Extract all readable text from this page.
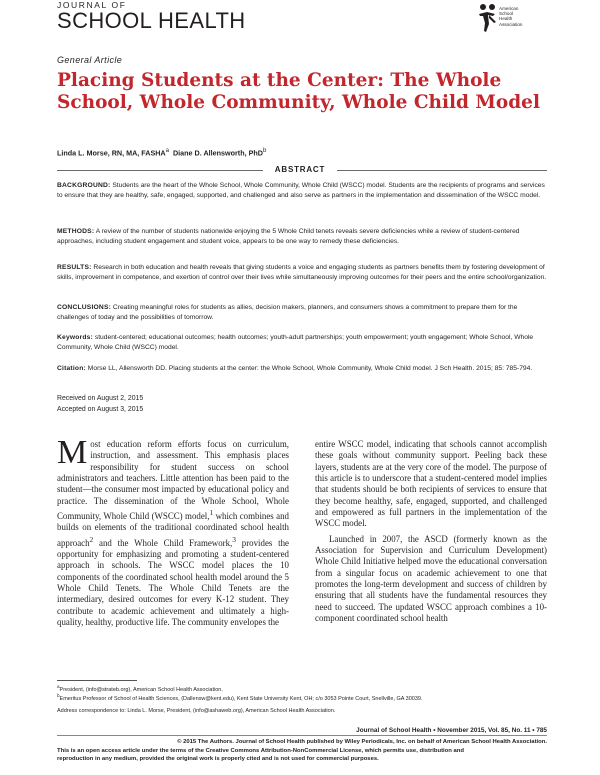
JOURNAL OF
SCHOOL HEALTH	American
School
Health
Association
General Article
Placing Students at the Center: The Whole School, Whole Community, Whole Child Model
Linda L. Morse, RN, MA, FASHA$^a$ Diane D. Allensworth, PhD$^b$
ABSTRACT
BACKGROUND: Students are the heart of the Whole School, Whole Community, Whole Child (WSCC) model. Students are the recipients of programs and services to ensure that they are healthy, safe, engaged, supported, and challenged and also serve as partners in the implementation and dissemination of the WSCC model.
METHODS: A review of the number of students nationwide enjoying the 5 Whole Child tenets reveals severe deficiencies while a review of student-centered approaches, including student engagement and student voice, appears to be one way to remedy these deficiencies.
RESULTS: Research in both education and health reveals that giving students a voice and engaging students as partners benefits them by fostering development of skills, improvement in competence, and exertion of control over their lives while simultaneously improving outcomes for their peers and the entire school/organization.
CONCLUSIONS: Creating meaningful roles for students as allies, decision makers, planners, and consumers shows a commitment to prepare them for the challenges of today and the possibilities of tomorrow.
Keywords: student-centered; educational outcomes; health outcomes; youth-adult partnerships; youth empowerment; youth engagement; Whole School, Whole Community, Whole Child (WSCC) model.
Citation: Morse LL, Allensworth DD. Placing students at the center: the Whole School, Whole Community, Whole Child model. J Sch Health. 2015; 85: 785-794.
Received on August 2, 2015
Accepted on August 3, 2015

Most education reform efforts focus on curriculum, instruction, and assessment. This emphasis places responsibility for student success on school administrators and teachers. Little attention has been paid to the student—the consumer most impacted by educational policy and practice. The dissemination of the Whole School, Whole Community, Whole Child (WSCC) model,$^1$ which combines and builds on elements of the traditional coordinated school health approach$^2$ and the Whole Child Framework,$^3$ provides the opportunity for emphasizing and promoting a student-centered approach in schools. The WSCC model places the 10 components of the coordinated school health model around the 5 Whole Child Tenets. The Whole Child Tenets are the intermediary, desired outcomes for every K-12 student. They contribute to academic achievement and ultimately a high-quality, healthy, productive life. The community envelopes the

entire WSCC model, indicating that schools cannot accomplish these goals without community support. Peeling back these layers, students are at the very core of the model. The purpose of this article is to underscore that a student-centered model implies that students should be both recipients of services to ensure that they become healthy, safe, engaged, supported, and challenged and empowered as full partners in the implementation of the WSCC model.

Launched in 2007, the ASCD (formerly known as the Association for Supervision and Curriculum Development) Whole Child Initiative helped move the educational conversation from a singular focus on academic achievement to one that promotes the long-term development and success of children by ensuring that all students have the fundamental resources they need to succeed. The updated WSCC approach combines a 10-component coordinated school health

$^a$President, (info@strateb.org), American School Health Association.
$^b$Emeritus Professor of School of Health Sciences, (Dallensw@kent.edu), Kent State University Kent, OH; c/o 3053 Pointe Court, Snellville, GA 30039.
Address correspondence to: Linda L. Morse, President, (info@ashaweb.org), American School Health Association.
Journal of School Health • November 2015, Vol. 85, No. 11 • 785
© 2015 The Authors. Journal of School Health published by Wiley Periodicals, Inc. on behalf of American School Health Association.
This is an open access article under the terms of the Creative Commons Attribution-NonCommercial License, which permits use, distribution and
reproduction in any medium, provided the original work is properly cited and is not used for commercial purposes.
